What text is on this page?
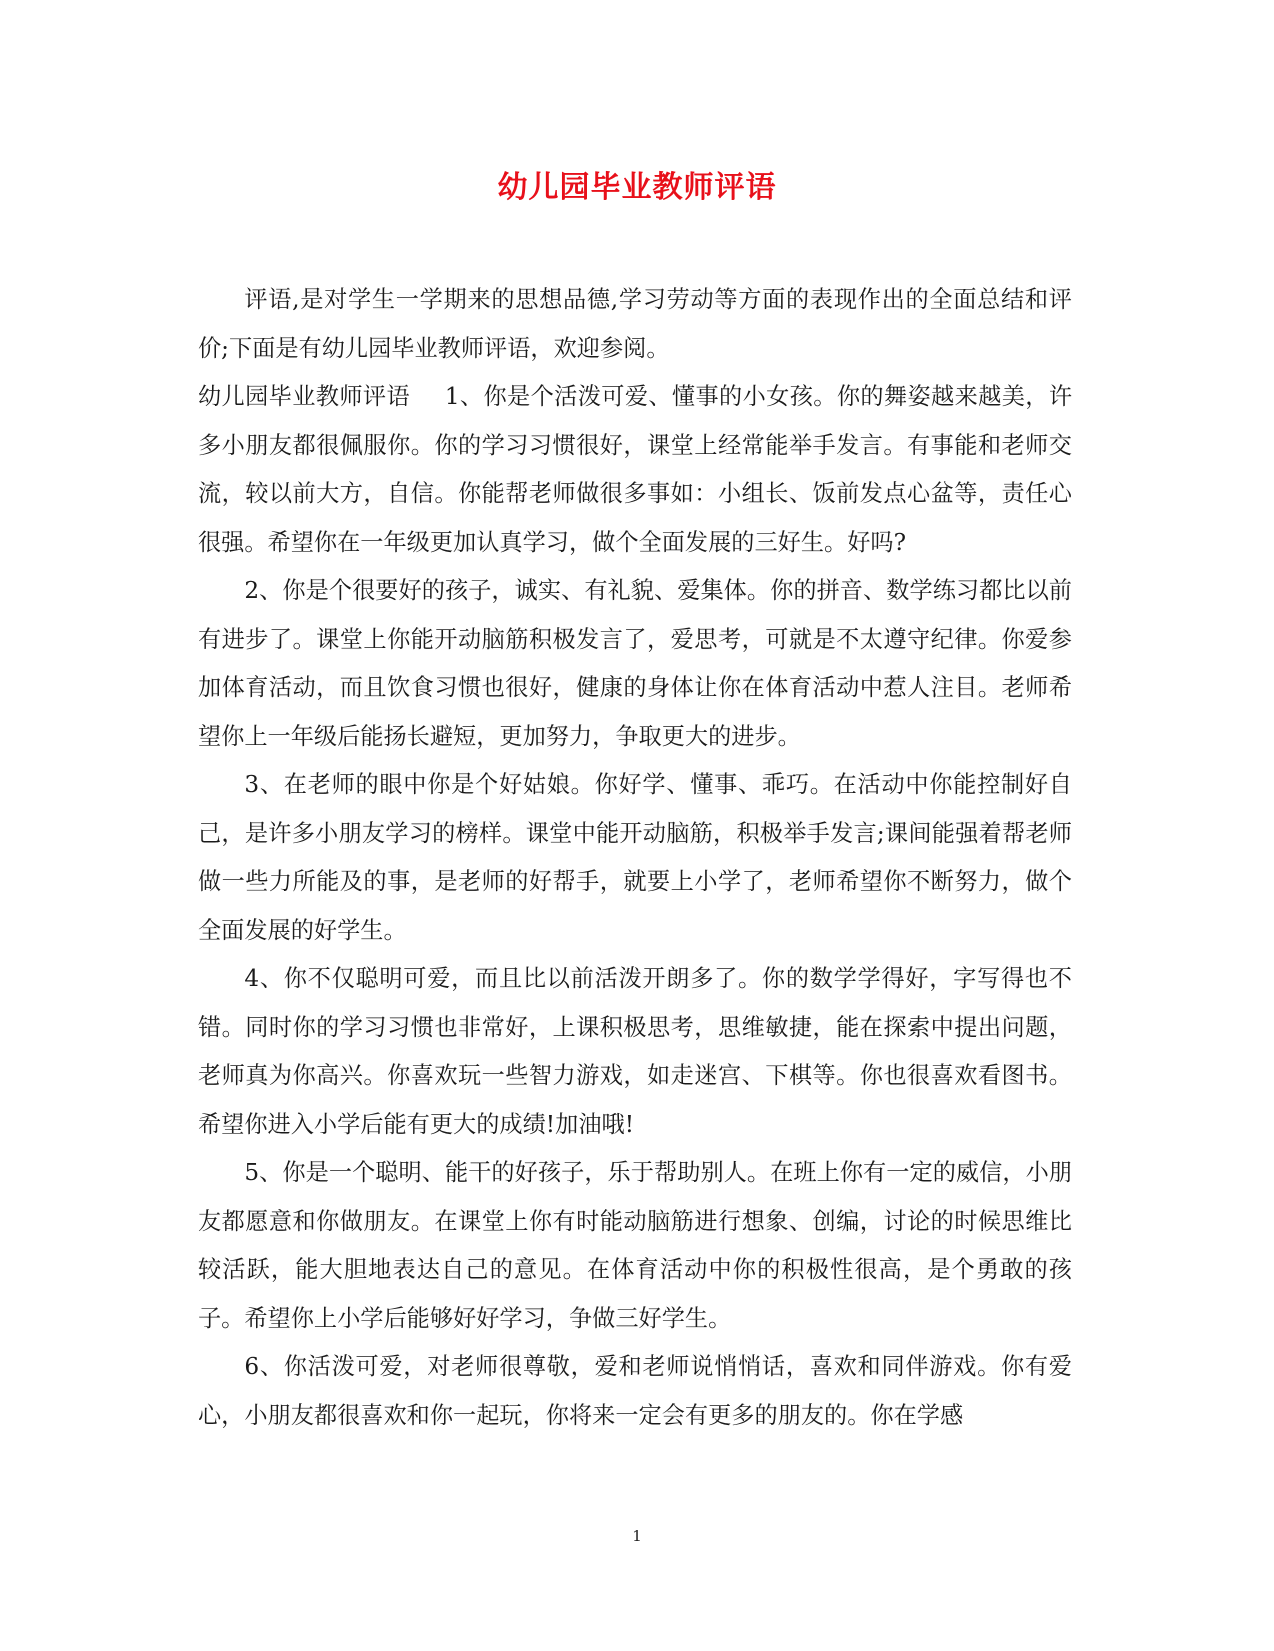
幼儿园毕业教师评语

评语,是对学生一学期来的思想品德,学习劳动等方面的表现作出的全面总结和评价;下面是有幼儿园毕业教师评语，欢迎参阅。

幼儿园毕业教师评语 1、你是个活泼可爱、懂事的小女孩。你的舞姿越来越美，许多小朋友都很佩服你。你的学习习惯很好，课堂上经常能举手发言。有事能和老师交流，较以前大方，自信。你能帮老师做很多事如：小组长、饭前发点心盆等，责任心很强。希望你在一年级更加认真学习，做个全面发展的三好生。好吗?

2、你是个很要好的孩子，诚实、有礼貌、爱集体。你的拼音、数学练习都比以前有进步了。课堂上你能开动脑筋积极发言了，爱思考，可就是不太遵守纪律。你爱参加体育活动，而且饮食习惯也很好，健康的身体让你在体育活动中惹人注目。老师希望你上一年级后能扬长避短，更加努力，争取更大的进步。

3、在老师的眼中你是个好姑娘。你好学、懂事、乖巧。在活动中你能控制好自己，是许多小朋友学习的榜样。课堂中能开动脑筋，积极举手发言;课间能强着帮老师做一些力所能及的事，是老师的好帮手，就要上小学了，老师希望你不断努力，做个全面发展的好学生。

4、你不仅聪明可爱，而且比以前活泼开朗多了。你的数学学得好，字写得也不错。同时你的学习习惯也非常好，上课积极思考，思维敏捷，能在探索中提出问题，老师真为你高兴。你喜欢玩一些智力游戏，如走迷宫、下棋等。你也很喜欢看图书。希望你进入小学后能有更大的成绩!加油哦!

5、你是一个聪明、能干的好孩子，乐于帮助别人。在班上你有一定的威信，小朋友都愿意和你做朋友。在课堂上你有时能动脑筋进行想象、创编，讨论的时候思维比较活跃，能大胆地表达自己的意见。在体育活动中你的积极性很高，是个勇敢的孩子。希望你上小学后能够好好学习，争做三好学生。

6、你活泼可爱，对老师很尊敬，爱和老师说悄悄话，喜欢和同伴游戏。你有爱心，小朋友都很喜欢和你一起玩，你将来一定会有更多的朋友的。你在学感

1
